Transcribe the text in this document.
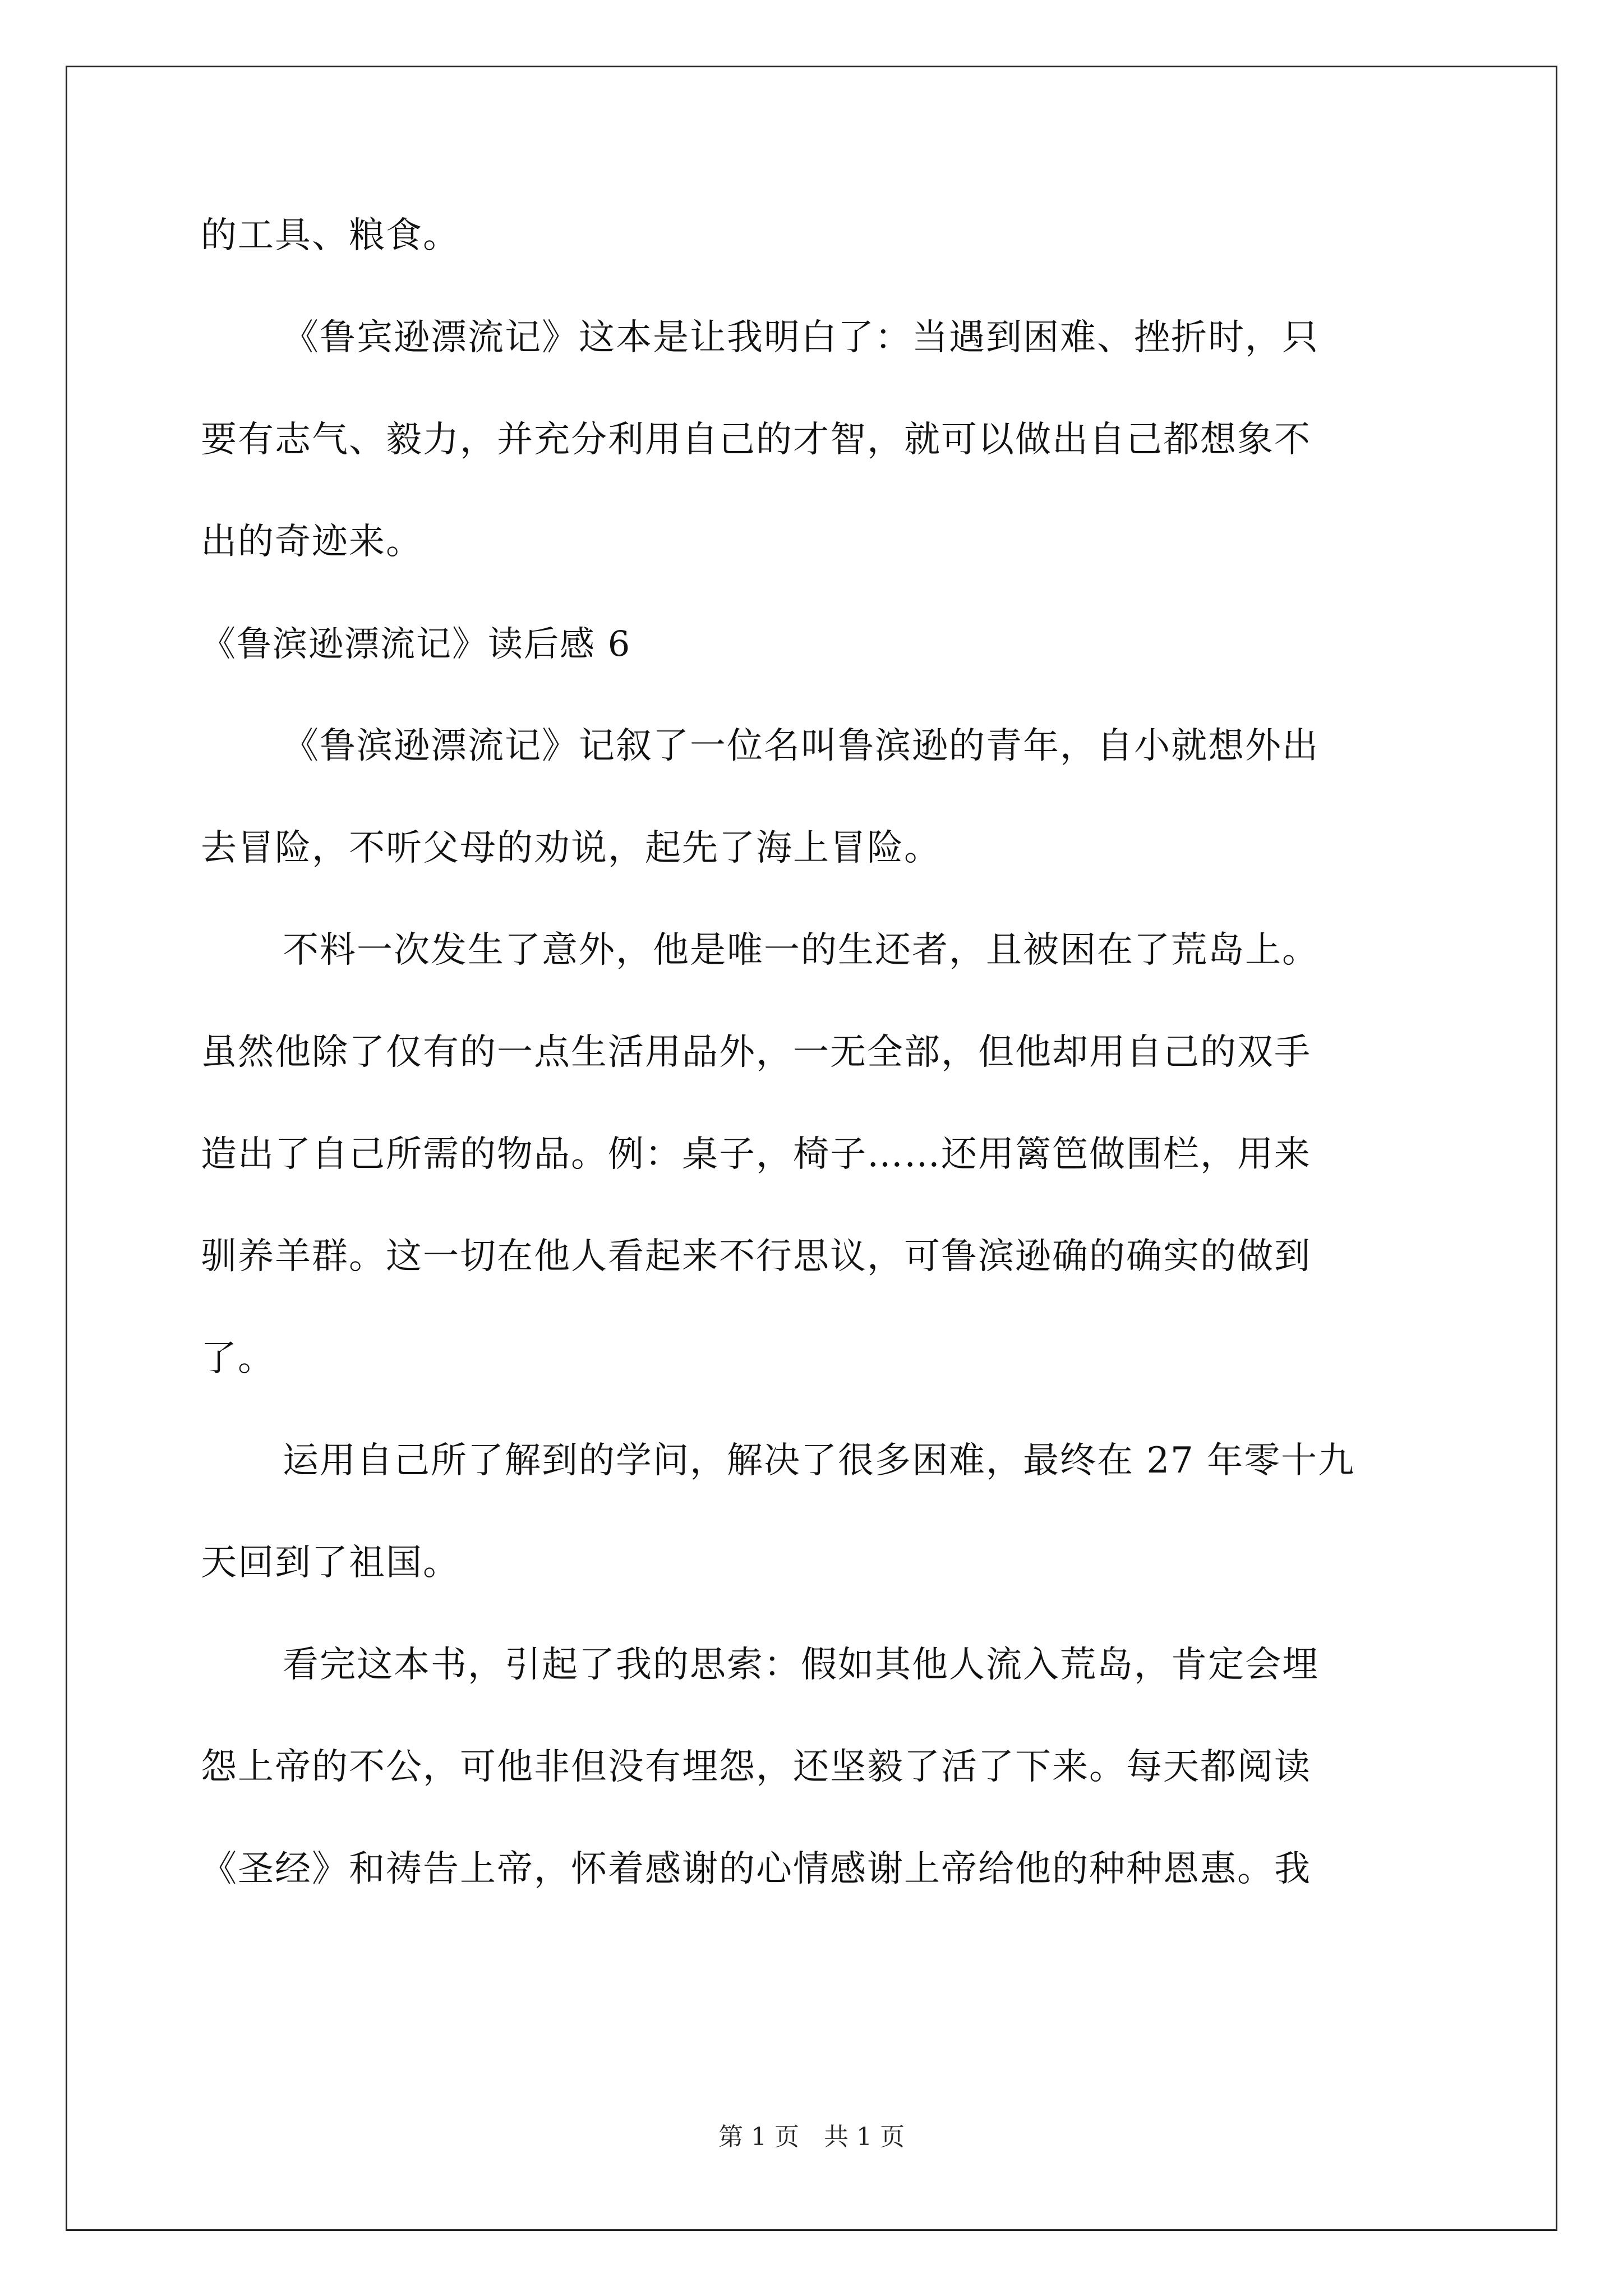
的工具、粮食。
《鲁宾逊漂流记》这本是让我明白了：当遇到困难、挫折时，只
要有志气、毅力，并充分利用自己的才智，就可以做出自己都想象不
出的奇迹来。
《鲁滨逊漂流记》读后感 6
《鲁滨逊漂流记》记叙了一位名叫鲁滨逊的青年，自小就想外出
去冒险，不听父母的劝说，起先了海上冒险。
不料一次发生了意外，他是唯一的生还者，且被困在了荒岛上。
虽然他除了仅有的一点生活用品外，一无全部，但他却用自己的双手
造出了自己所需的物品。例：桌子，椅子……还用篱笆做围栏，用来
驯养羊群。这一切在他人看起来不行思议，可鲁滨逊确的确实的做到
了。
运用自己所了解到的学问，解决了很多困难，最终在 27 年零十九
天回到了祖国。
看完这本书，引起了我的思索：假如其他人流入荒岛，肯定会埋
怨上帝的不公，可他非但没有埋怨，还坚毅了活了下来。每天都阅读
《圣经》和祷告上帝，怀着感谢的心情感谢上帝给他的种种恩惠。我
第 1 页　共 1 页
